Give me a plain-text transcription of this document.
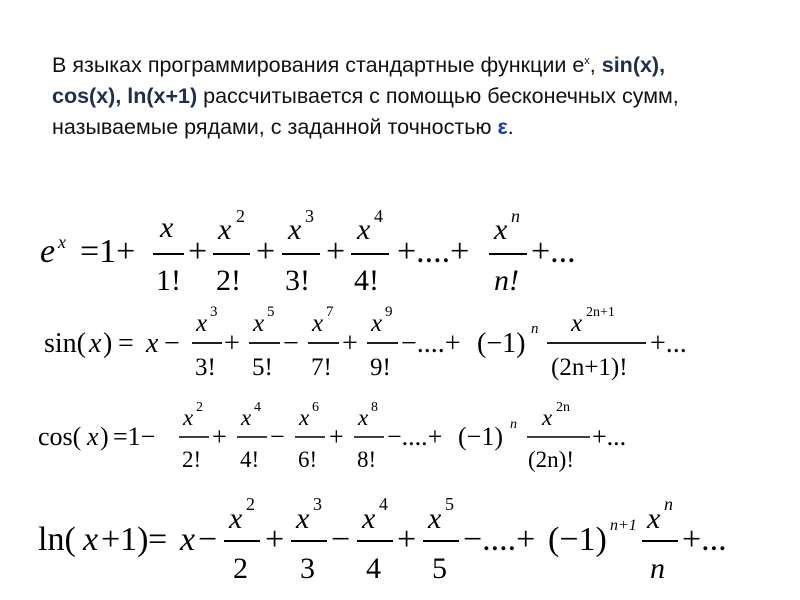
В языках программирования стандартные функции $e^x$, sin(x),
cos(x), ln(x+1) рассчитывается с помощью бесконечных сумм, называемые рядами, с заданной точностью ε.
e x =1+
x
1!
+
x 2
2!
+
x 3
3!
+
x 4
4!
+....+
x n
n!
+...
sin( x ) = x −
x 3
3!
+
x 5
5!
−
x 7
7!
+
x 9
9!
−....+ (−1) n x 2n+1
(2n+1)!
+...
cos( x ) =1−
x 2
2!
+
x 4
4!
−
x 6
6!
+
x 8
8!
−....+ (−1) n x 2n
(2n)!
+...
ln( x +1) = x −
x 2
2
+
x 3
3
−
x 4
4
+
x 5
5
−....+ (−1) n+1 x n
n
+...
